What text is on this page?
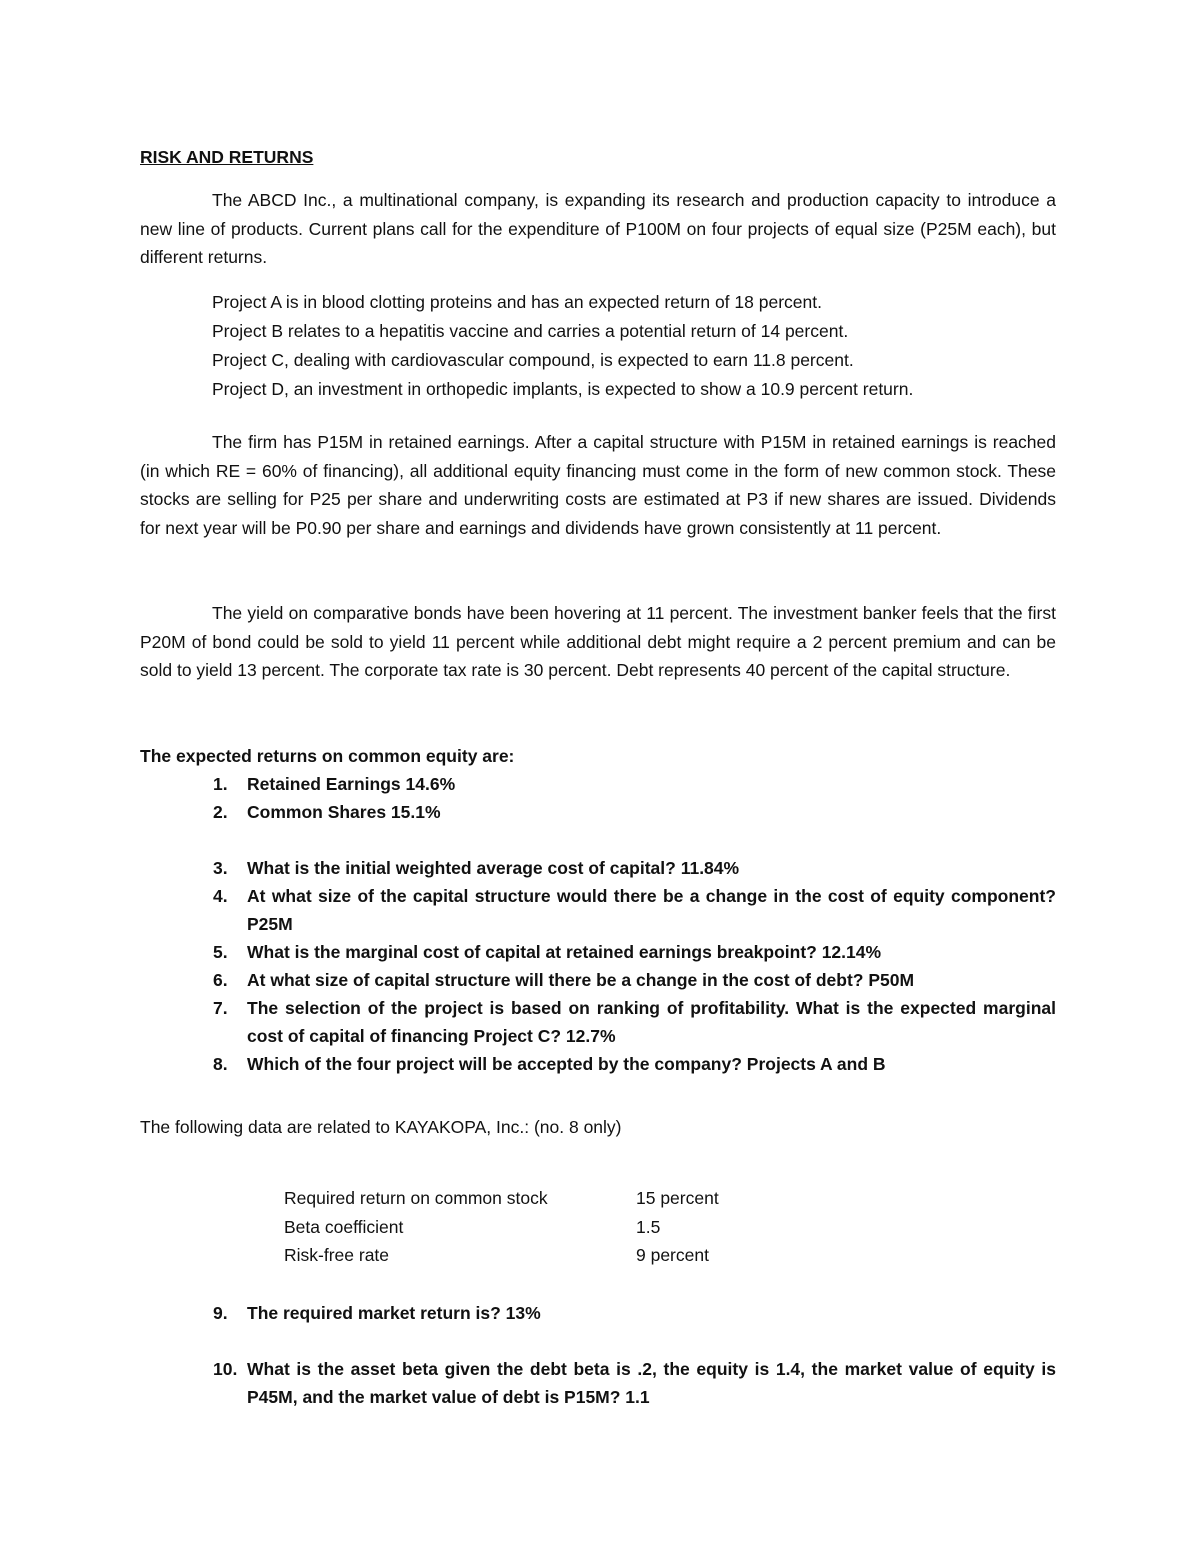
RISK AND RETURNS

The ABCD Inc., a multinational company, is expanding its research and production capacity to introduce a new line of products. Current plans call for the expenditure of P100M on four projects of equal size (P25M each), but different returns.

Project A is in blood clotting proteins and has an expected return of 18 percent.
Project B relates to a hepatitis vaccine and carries a potential return of 14 percent.
Project C, dealing with cardiovascular compound, is expected to earn 11.8 percent.
Project D, an investment in orthopedic implants, is expected to show a 10.9 percent return.

The firm has P15M in retained earnings. After a capital structure with P15M in retained earnings is reached (in which RE = 60% of financing), all additional equity financing must come in the form of new common stock. These stocks are selling for P25 per share and underwriting costs are estimated at P3 if new shares are issued. Dividends for next year will be P0.90 per share and earnings and dividends have grown consistently at 11 percent.

The yield on comparative bonds have been hovering at 11 percent. The investment banker feels that the first P20M of bond could be sold to yield 11 percent while additional debt might require a 2 percent premium and can be sold to yield 13 percent. The corporate tax rate is 30 percent. Debt represents 40 percent of the capital structure.

The expected returns on common equity are:
1. Retained Earnings 14.6%
2. Common Shares 15.1%
3. What is the initial weighted average cost of capital? 11.84%
4. At what size of the capital structure would there be a change in the cost of equity component? P25M
5. What is the marginal cost of capital at retained earnings breakpoint? 12.14%
6. At what size of capital structure will there be a change in the cost of debt? P50M
7. The selection of the project is based on ranking of profitability. What is the expected marginal cost of capital of financing Project C? 12.7%
8. Which of the four project will be accepted by the company? Projects A and B
The following data are related to KAYAKOPA, Inc.: (no. 8 only)
Required return on common stock	15 percent
Beta coefficient	1.5
Risk-free rate	9 percent
9. The required market return is? 13%
10. What is the asset beta given the debt beta is .2, the equity is 1.4, the market value of equity is P45M, and the market value of debt is P15M? 1.1
